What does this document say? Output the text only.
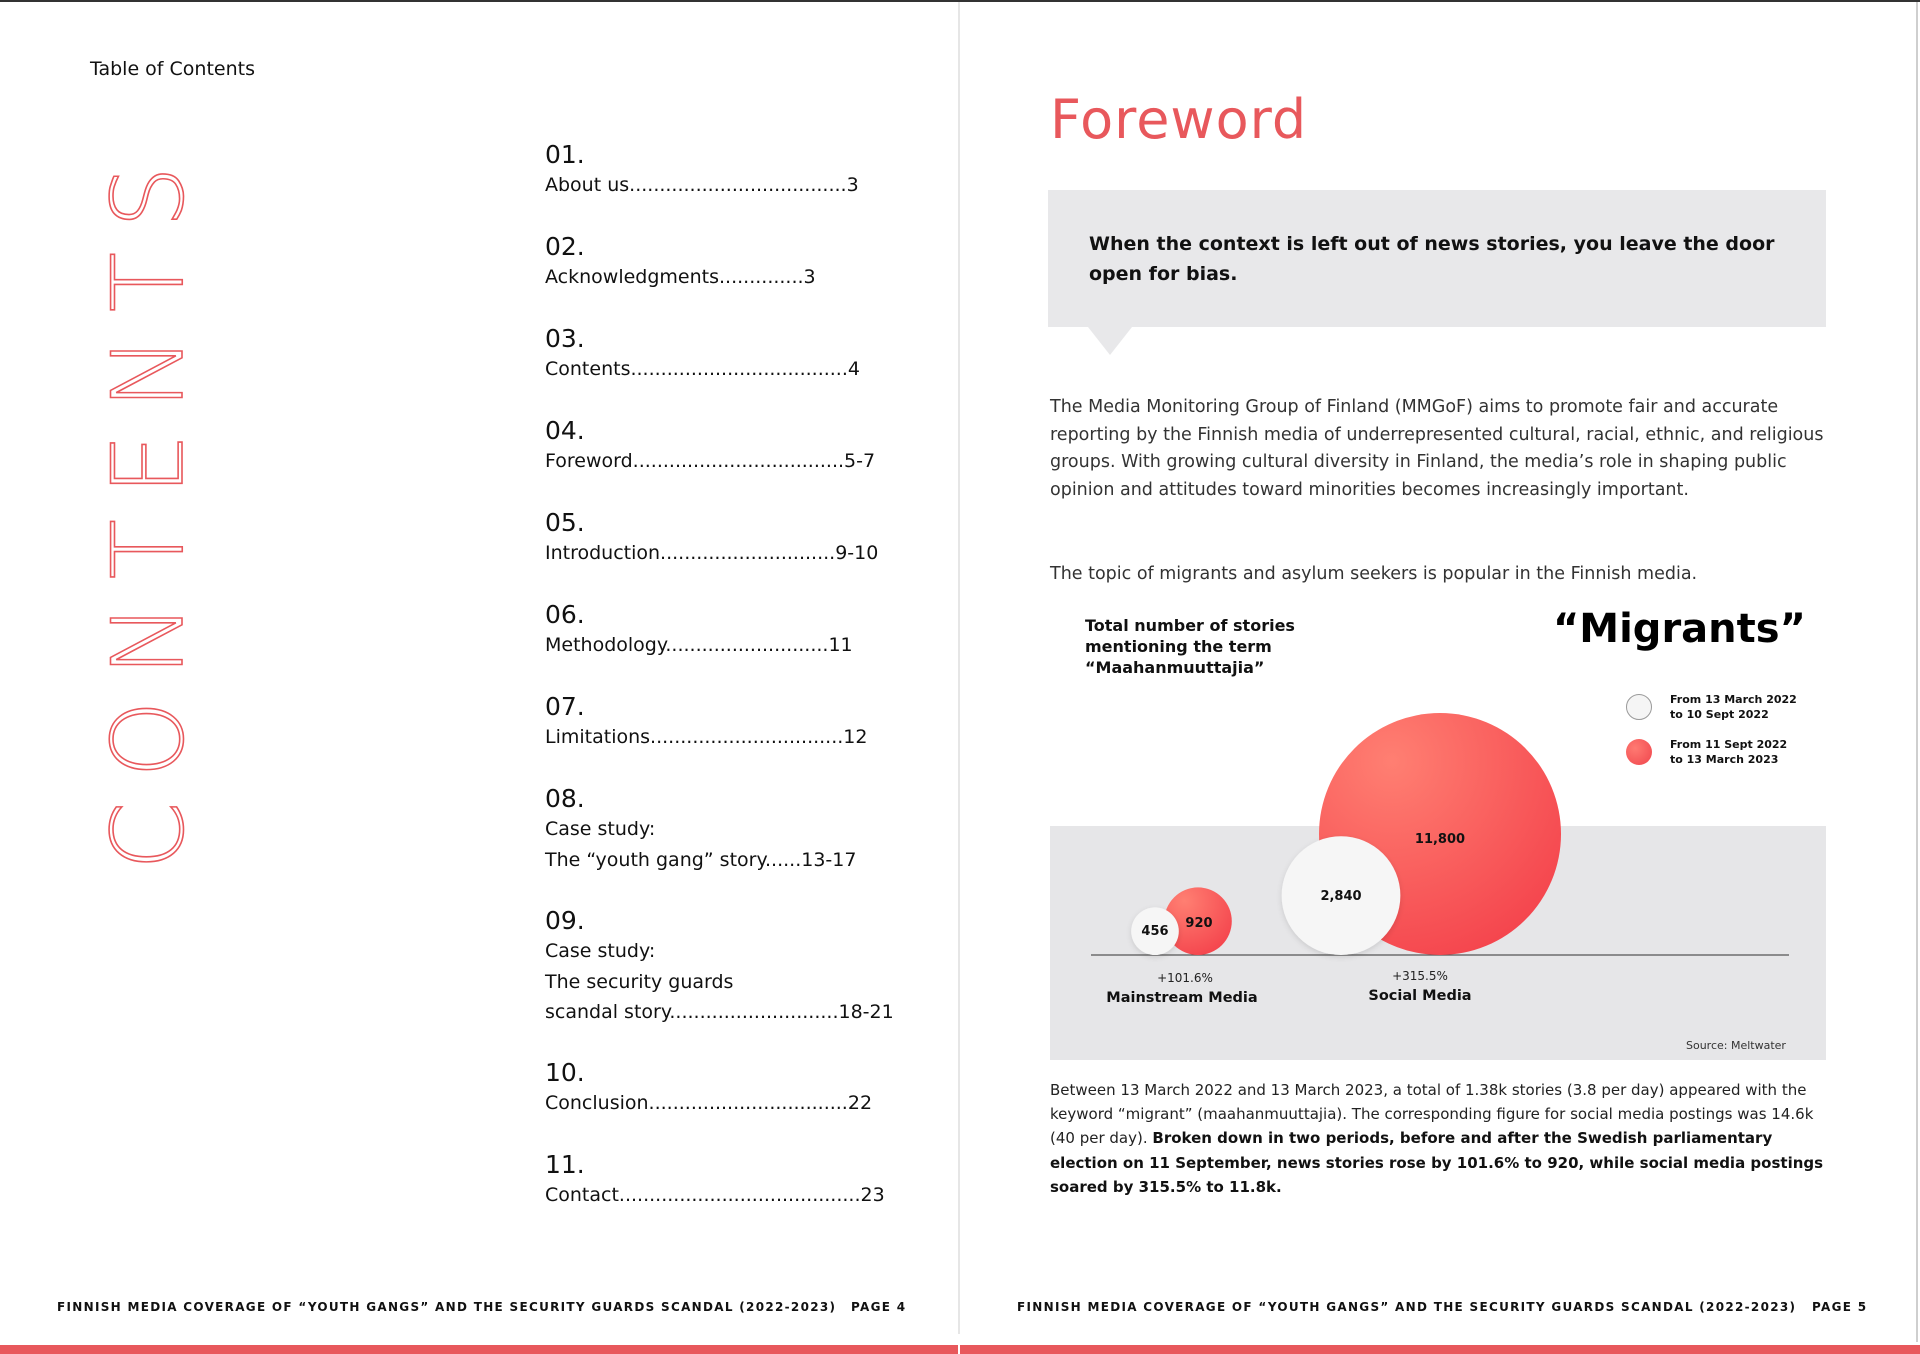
Table of Contents
CONTENTS	01.
About us....................................3
02.
Acknowledgments..............3
03.
Contents....................................4
04.
Foreword...................................5-7
05.
Introduction.............................9-10
06.
Methodology...........................11
07.
Limitations................................12
08.
Case study:
The “youth gang” story......13-17
09.
Case study:
The security guards
scandal story............................18-21
10.
Conclusion.................................22
11.
Contact........................................23
FINNISH MEDIA COVERAGE OF “YOUTH GANGS” AND THE SECURITY GUARDS SCANDAL (2022-2023) PAGE 4
Foreword
When the context is left out of news stories, you leave the door open for bias.
The Media Monitoring Group of Finland (MMGoF) aims to promote fair and accurate reporting by the Finnish media of underrepresented cultural, racial, ethnic, and religious groups. With growing cultural diversity in Finland, the media’s role in shaping public opinion and attitudes toward minorities becomes increasingly important.
The topic of migrants and asylum seekers is popular in the Finnish media.
Total number of stories mentioning the term “Maahanmuuttajia”
“Migrants”
From 13 March 2022
to 10 Sept 2022
From 11 Sept 2022
to 13 March 2023
456
920
2,840
11,800
+101.6%	+315.5%
Mainstream Media	Social Media
Source: Meltwater
Between 13 March 2022 and 13 March 2023, a total of 1.38k stories (3.8 per day) appeared with the keyword “migrant” (maahanmuuttajia). The corresponding figure for social media postings was 14.6k (40 per day). Broken down in two periods, before and after the Swedish parliamentary election on 11 September, news stories rose by 101.6% to 920, while social media postings soared by 315.5% to 11.8k.
FINNISH MEDIA COVERAGE OF “YOUTH GANGS” AND THE SECURITY GUARDS SCANDAL (2022-2023) PAGE 5
